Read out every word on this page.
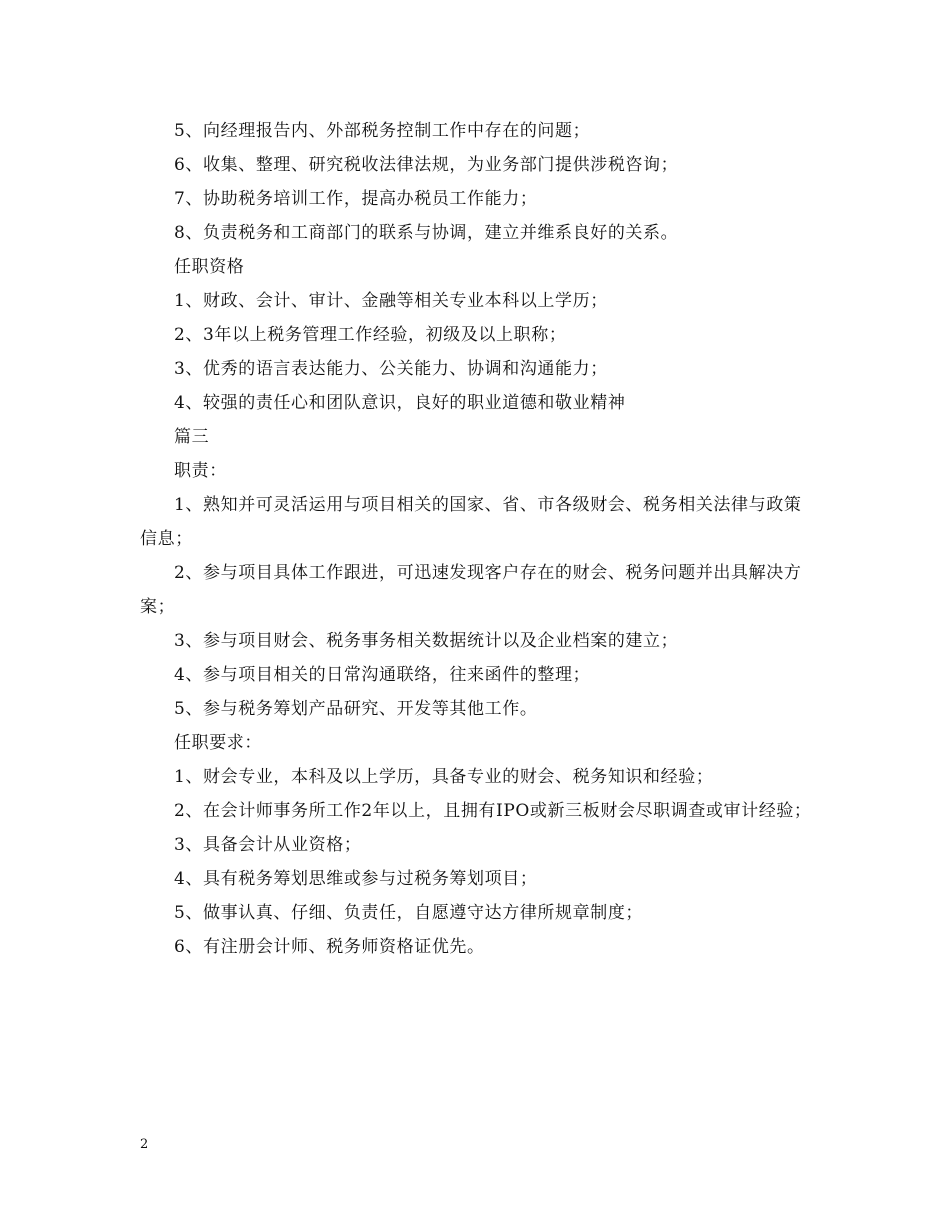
5、向经理报告内、外部税务控制工作中存在的问题；

6、收集、整理、研究税收法律法规，为业务部门提供涉税咨询；

7、协助税务培训工作，提高办税员工作能力；

8、负责税务和工商部门的联系与协调，建立并维系良好的关系。

任职资格

1、财政、会计、审计、金融等相关专业本科以上学历；

2、3年以上税务管理工作经验，初级及以上职称；

3、优秀的语言表达能力、公关能力、协调和沟通能力；

4、较强的责任心和团队意识，良好的职业道德和敬业精神

篇三

职责：

1、熟知并可灵活运用与项目相关的国家、省、市各级财会、税务相关法律与政策信息；

2、参与项目具体工作跟进，可迅速发现客户存在的财会、税务问题并出具解决方案；

3、参与项目财会、税务事务相关数据统计以及企业档案的建立；

4、参与项目相关的日常沟通联络，往来函件的整理；

5、参与税务筹划产品研究、开发等其他工作。

任职要求：

1、财会专业，本科及以上学历，具备专业的财会、税务知识和经验；

2、在会计师事务所工作2年以上，且拥有IPO或新三板财会尽职调查或审计经验；

3、具备会计从业资格；

4、具有税务筹划思维或参与过税务筹划项目；

5、做事认真、仔细、负责任，自愿遵守达方律所规章制度；

6、有注册会计师、税务师资格证优先。

2
